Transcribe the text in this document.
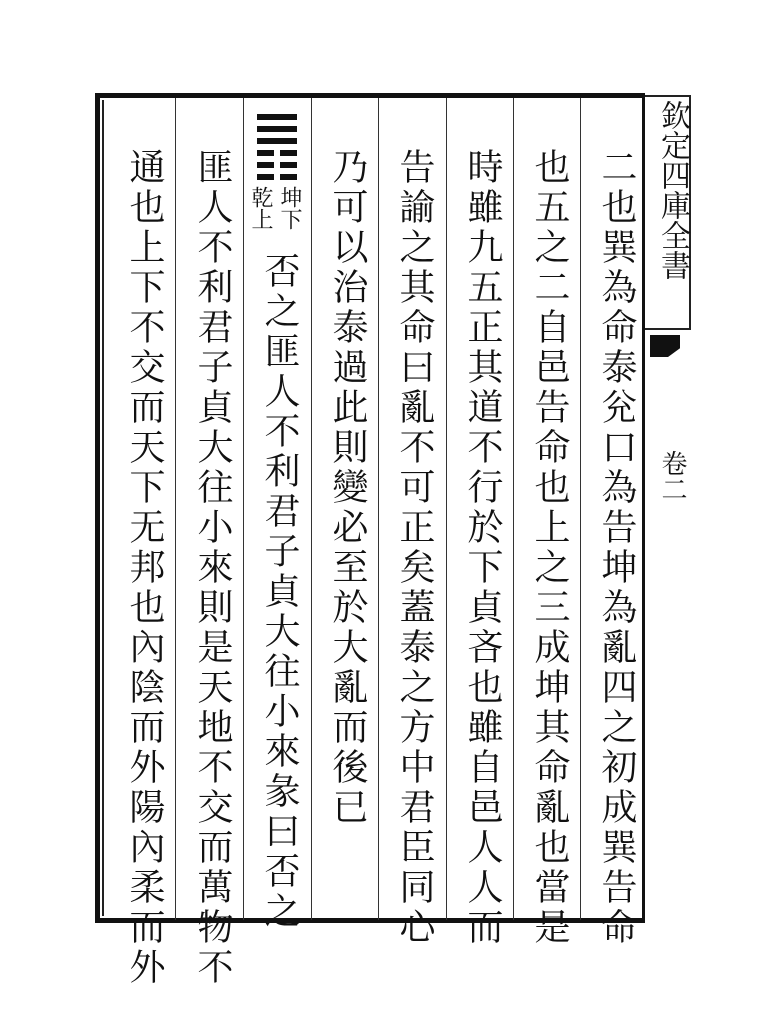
欽定四庫全書
卷二
二也巽為命泰兊口為告坤為亂四之初成巽告命
也五之二自邑告命也上之三成坤其命亂也當是
時雖九五正其道不行於下貞吝也雖自邑人人而
告諭之其命曰亂不可正矣蓋泰之方中君臣同心
乃可以治泰過此則變必至於大亂而後已
坤下
乾上
否之匪人不利君子貞大往小來彖曰否之
匪人不利君子貞大往小來則是天地不交而萬物不
通也上下不交而天下无邦也內陰而外陽內柔而外
